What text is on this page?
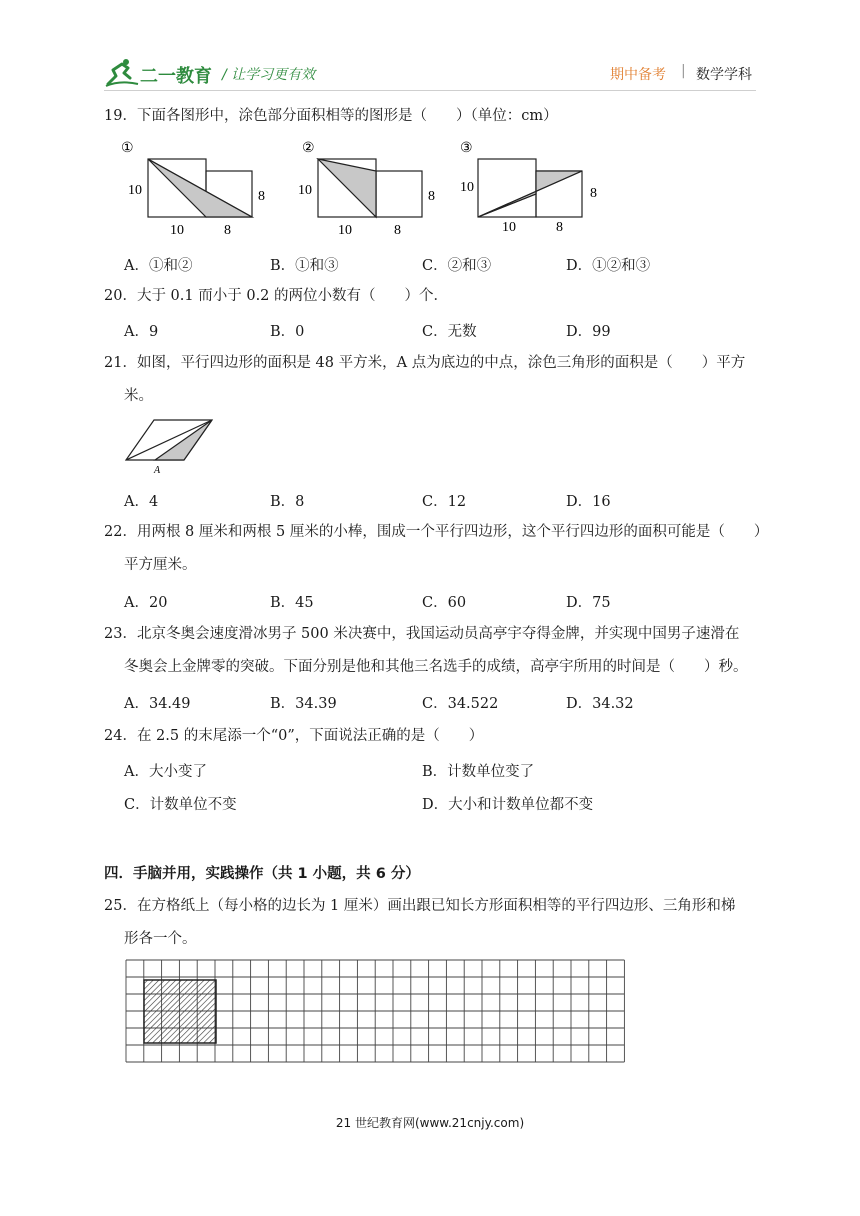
二一教育 / 让学习更有效	期中备考 | 数学学科
19．下面各图形中，涂色部分面积相等的图形是（　　）（单位：cm）
①
10
10	8
8
②
10
10	8
8
③
10
10	8
8
A．①和②	B．①和③	C．②和③	D．①②和③
20．大于 0.1 而小于 0.2 的两位小数有（　　）个．
A．9	B．0	C．无数	D．99
21．如图，平行四边形的面积是 48 平方米，A 点为底边的中点，涂色三角形的面积是（　　）平方
米。
A
A．4	B．8	C．12	D．16
22．用两根 8 厘米和两根 5 厘米的小棒，围成一个平行四边形，这个平行四边形的面积可能是（　　）
平方厘米。
A．20	B．45	C．60	D．75
23．北京冬奥会速度滑冰男子 500 米决赛中，我国运动员高亭宇夺得金牌，并实现中国男子速滑在
冬奥会上金牌零的突破。下面分别是他和其他三名选手的成绩，高亭宇所用的时间是（　　）秒。
A．34.49	B．34.39	C．34.522	D．34.32
24．在 2.5 的末尾添一个“0”，下面说法正确的是（　　）
A．大小变了	B．计数单位变了
C．计数单位不变	D．大小和计数单位都不变
四．手脑并用，实践操作（共 1 小题，共 6 分）
25．在方格纸上（每小格的边长为 1 厘米）画出跟已知长方形面积相等的平行四边形、三角形和梯
形各一个。
21 世纪教育网(www.21cnjy.com)
